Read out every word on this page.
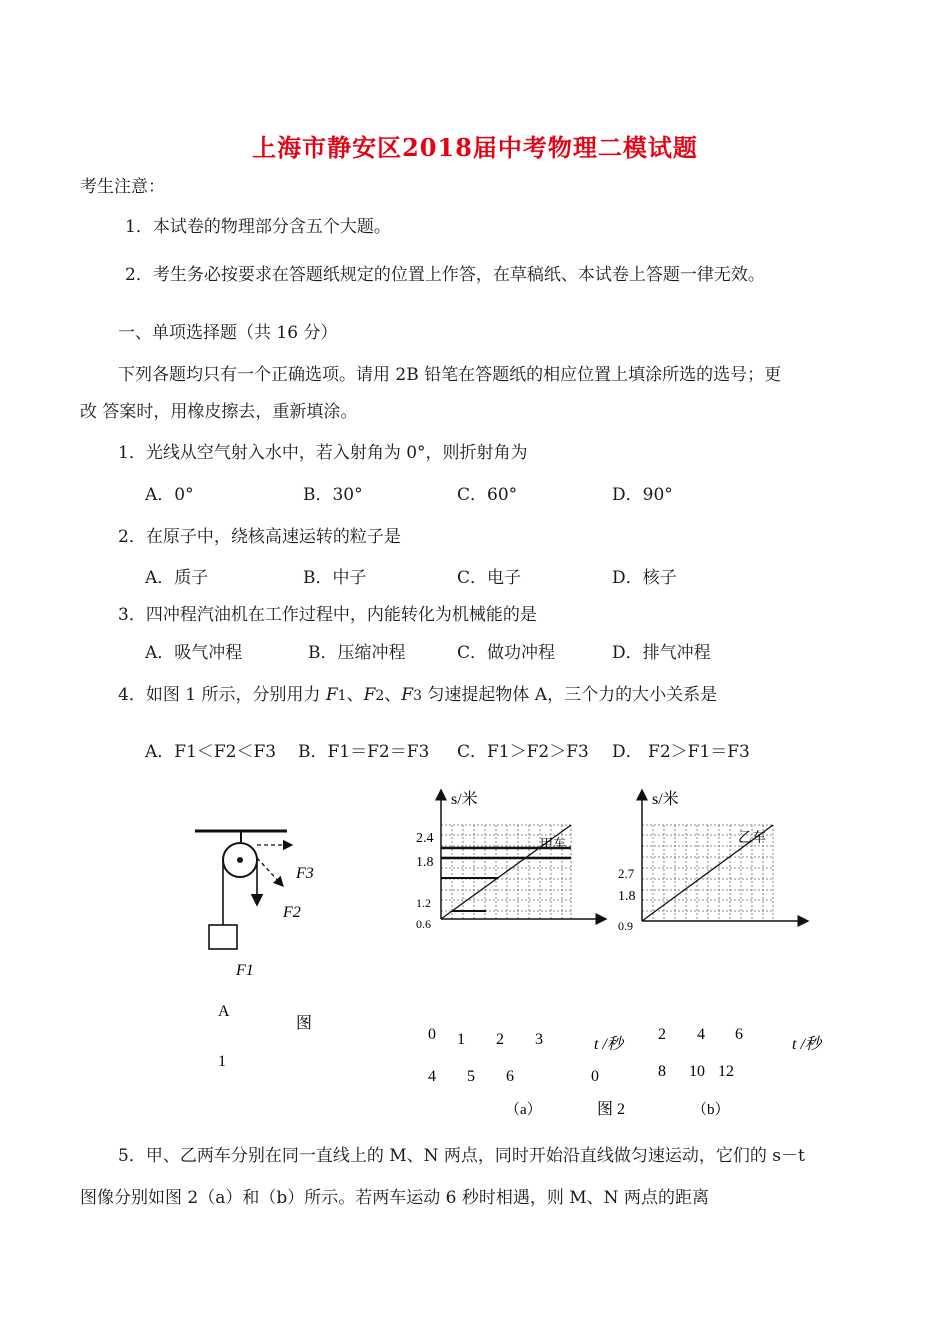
上海市静安区2018届中考物理二模试题
考生注意：
1．本试卷的物理部分含五个大题。
2．考生务必按要求在答题纸规定的位置上作答，在草稿纸、本试卷上答题一律无效。
一、单项选择题（共 16 分）
下列各题均只有一个正确选项。请用 2B 铅笔在答题纸的相应位置上填涂所选的选号；更
改 答案时，用橡皮擦去，重新填涂。
1．光线从空气射入水中，若入射角为 0°，则折射角为
A．0°	B．30°	C．60°	D．90°
2．在原子中，绕核高速运转的粒子是
A．质子	B．中子	C．电子	D．核子
3．四冲程汽油机在工作过程中，内能转化为机械能的是
A．吸气冲程	B．压缩冲程	C．做功冲程	D．排气冲程
4．如图 1 所示，分别用力 F1、F2、F3 匀速提起物体 A，三个力的大小关系是
A．F1＜F2＜F3 B．F1＝F2＝F3 C．F1＞F2＞F3 D． F2＞F1＝F3
F3
F2
F1
A
图
1
s/米
2.4
1.8
1.2
0.6
甲车
s/米
2.7
1.8
0.9
乙车
0 1 2 3
4 5 6
t /秒
0
2 4 6
8 10 12
t /秒
（a）	图 2	（b）
5．甲、乙两车分别在同一直线上的 M、N 两点，同时开始沿直线做匀速运动，它们的 s－t
图像分别如图 2（a）和（b）所示。若两车运动 6 秒时相遇，则 M、N 两点的距离
